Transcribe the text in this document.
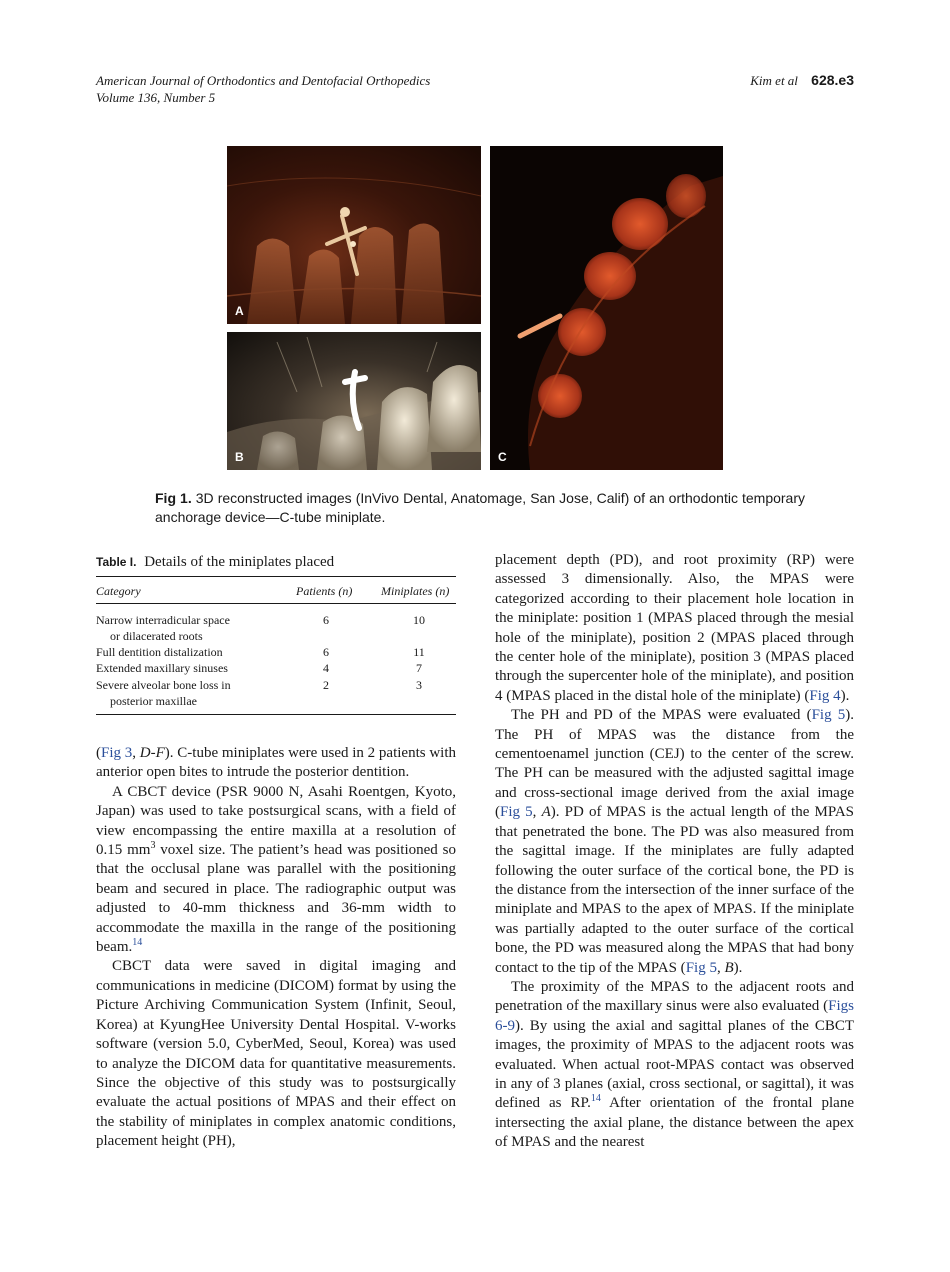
American Journal of Orthodontics and Dentofacial Orthopedics
Volume 136, Number 5
Kim et al 628.e3
A
B	C
Fig 1. 3D reconstructed images (InVivo Dental, Anatomage, San Jose, Calif) of an orthodontic temporary anchorage device—C-tube miniplate.
Table I. Details of the miniplates placed
Category	Patients (n) Miniplates (n)
Narrow interradicular space
or dilacerated roots
6	10
Full dentition distalization	6	11
Extended maxillary sinuses	4	7
Severe alveolar bone loss in
posterior maxillae
2	3

(Fig 3, D-F). C-tube miniplates were used in 2 patients with anterior open bites to intrude the posterior dentition.

A CBCT device (PSR 9000 N, Asahi Roentgen, Kyoto, Japan) was used to take postsurgical scans, with a field of view encompassing the entire maxilla at a resolution of 0.15 $mm^3$ voxel size. The patient’s head was positioned so that the occlusal plane was parallel with the positioning beam and secured in place. The radiographic output was adjusted to 40-mm thickness and 36-mm width to accommodate the maxilla in the range of the positioning beam.$^{14}$

CBCT data were saved in digital imaging and communications in medicine (DICOM) format by using the Picture Archiving Communication System (Infinit, Seoul, Korea) at KyungHee University Dental Hospital. V-works software (version 5.0, CyberMed, Seoul, Korea) was used to analyze the DICOM data for quantitative measurements. Since the objective of this study was to postsurgically evaluate the actual positions of MPAS and their effect on the stability of miniplates in complex anatomic conditions, placement height (PH),

placement depth (PD), and root proximity (RP) were assessed 3 dimensionally. Also, the MPAS were categorized according to their placement hole location in the miniplate: position 1 (MPAS placed through the mesial hole of the miniplate), position 2 (MPAS placed through the center hole of the miniplate), position 3 (MPAS placed through the supercenter hole of the miniplate), and position 4 (MPAS placed in the distal hole of the miniplate) (Fig 4).

The PH and PD of the MPAS were evaluated (Fig 5). The PH of MPAS was the distance from the cementoenamel junction (CEJ) to the center of the screw. The PH can be measured with the adjusted sagittal image and cross-sectional image derived from the axial image (Fig 5, A). PD of MPAS is the actual length of the MPAS that penetrated the bone. The PD was also measured from the sagittal image. If the miniplates are fully adapted following the outer surface of the cortical bone, the PD is the distance from the intersection of the inner surface of the miniplate and MPAS to the apex of MPAS. If the miniplate was partially adapted to the outer surface of the cortical bone, the PD was measured along the MPAS that had bony contact to the tip of the MPAS (Fig 5, B).

The proximity of the MPAS to the adjacent roots and penetration of the maxillary sinus were also evaluated (Figs 6-9). By using the axial and sagittal planes of the CBCT images, the proximity of MPAS to the adjacent roots was evaluated. When actual root-MPAS contact was observed in any of 3 planes (axial, cross sectional, or sagittal), it was defined as RP.$^{14}$ After orientation of the frontal plane intersecting the axial plane, the distance between the apex of MPAS and the nearest
